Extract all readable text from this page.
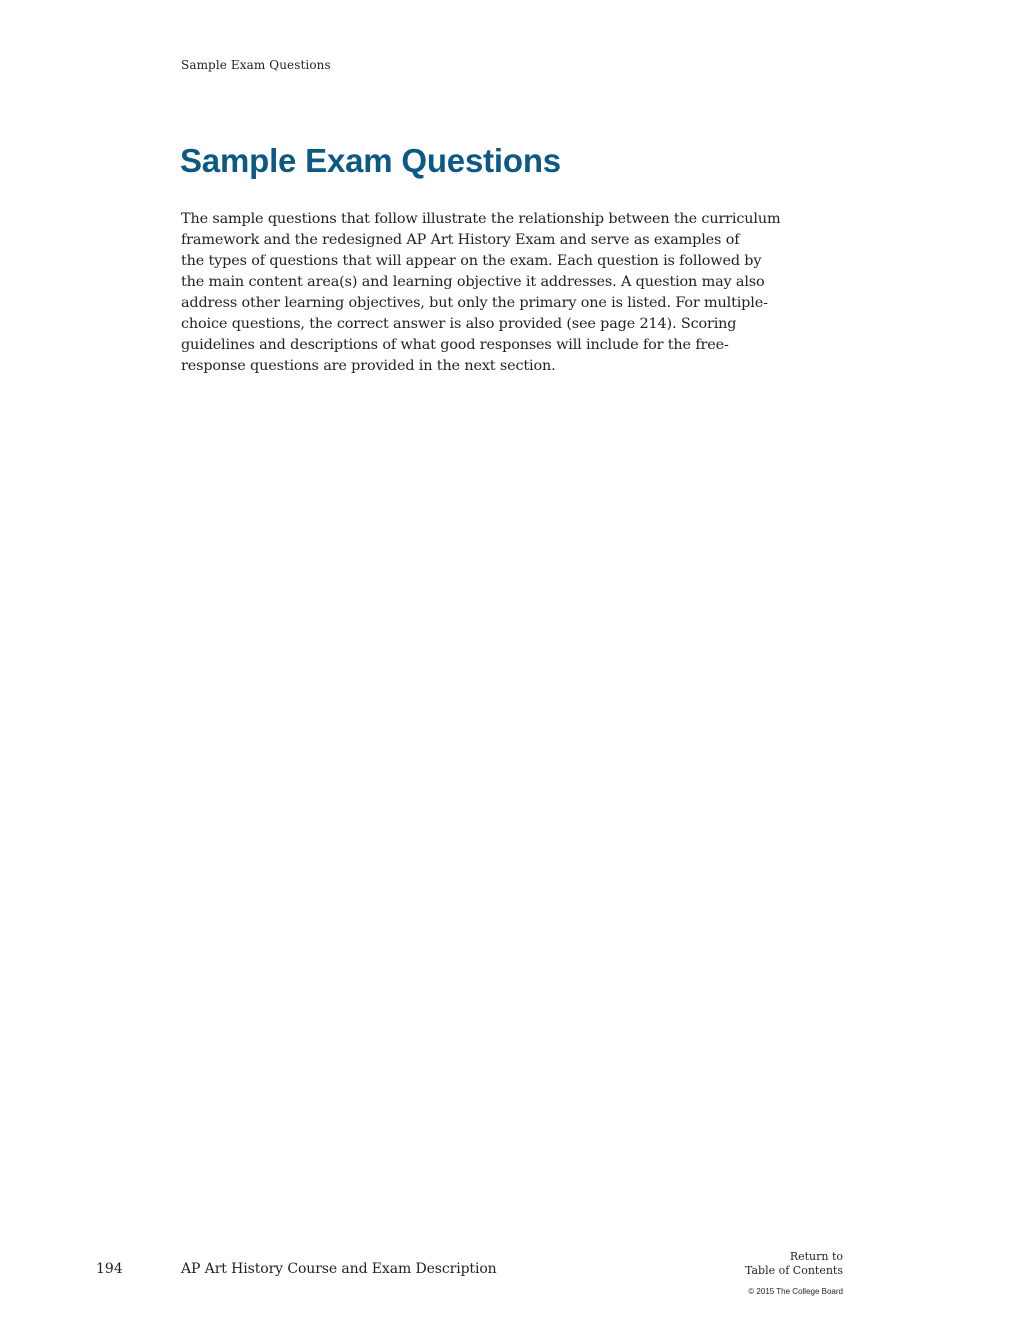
Sample Exam Questions
Sample Exam Questions

The sample questions that follow illustrate the relationship between the curriculum
framework and the redesigned AP Art History Exam and serve as examples of
the types of questions that will appear on the exam. Each question is followed by
the main content area(s) and learning objective it addresses. A question may also
address other learning objectives, but only the primary one is listed. For multiple-
choice questions, the correct answer is also provided (see page 214). Scoring
guidelines and descriptions of what good responses will include for the free-
response questions are provided in the next section.

194	AP Art History Course and Exam Description
Return to
Table of Contents
© 2015 The College Board
